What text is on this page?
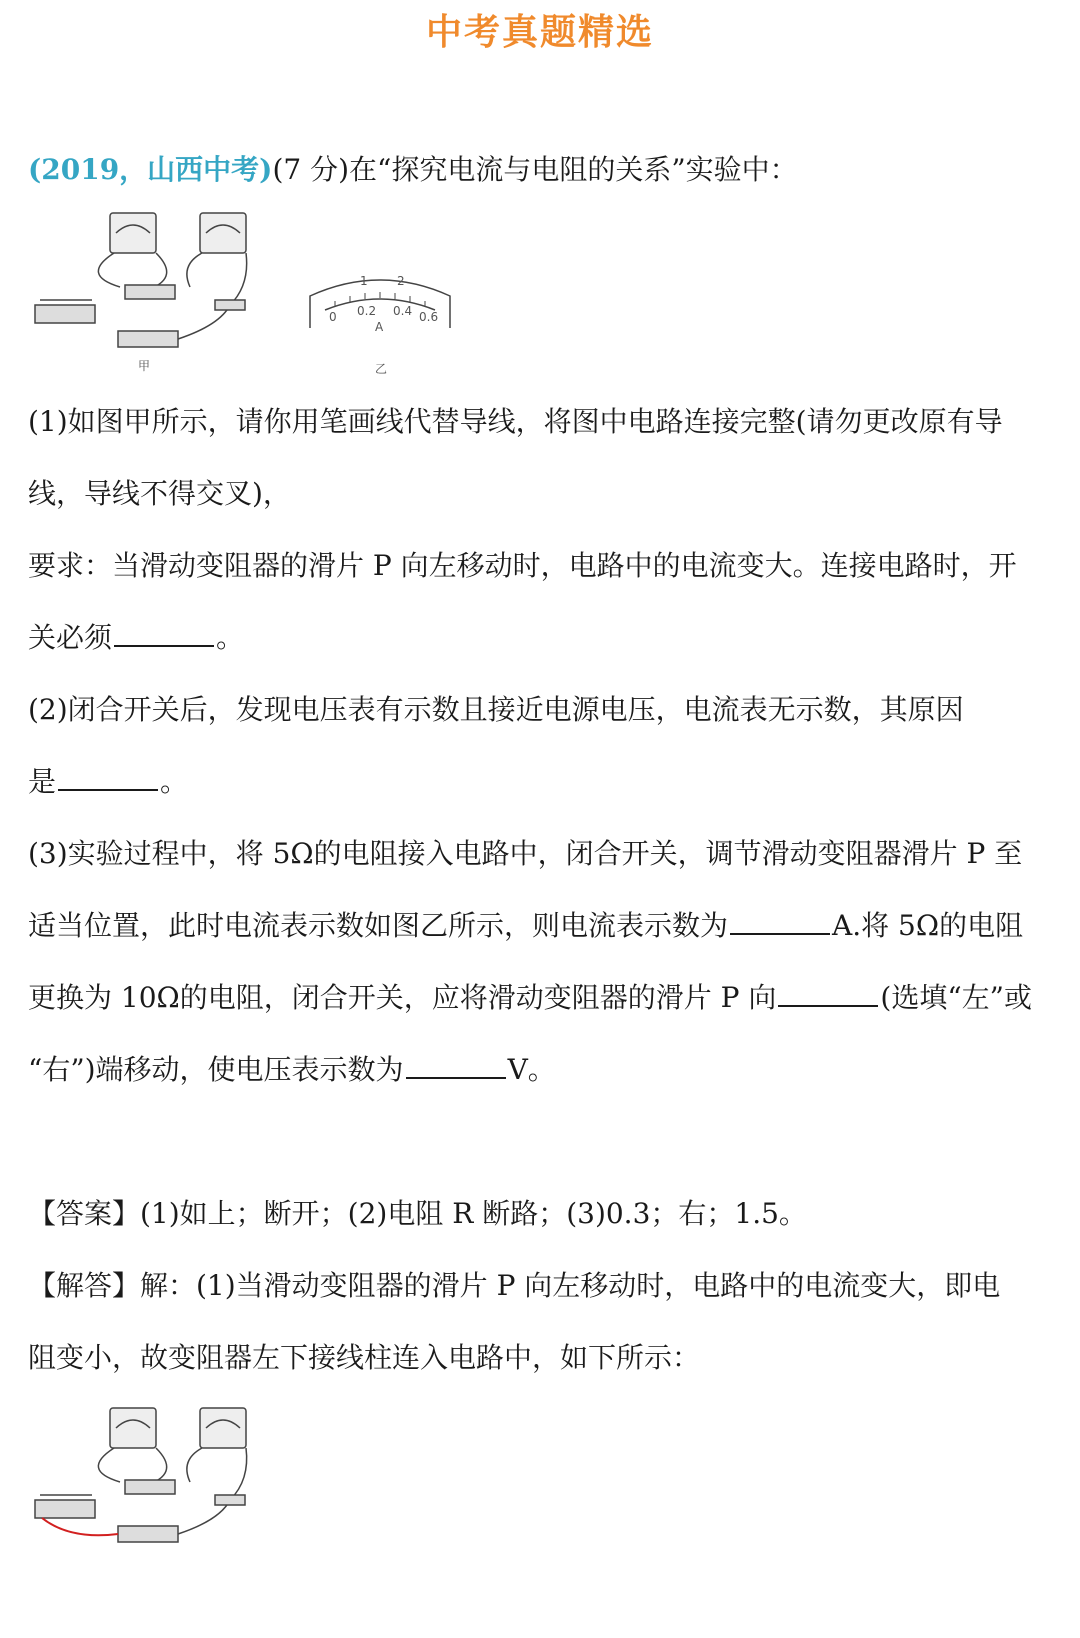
中考真题精选
(2019，山西中考)(7 分)在“探究电流与电阻的关系”实验中：
甲
1 2
0 0.2 0.4 0.6
A
乙
(1)如图甲所示，请你用笔画线代替导线，将图中电路连接完整(请勿更改原有导
线，导线不得交叉)，
要求：当滑动变阻器的滑片 P 向左移动时，电路中的电流变大。连接电路时，开
关必须	。
(2)闭合开关后，发现电压表有示数且接近电源电压，电流表无示数，其原因
是	。
(3)实验过程中，将 5Ω的电阻接入电路中，闭合开关，调节滑动变阻器滑片 P 至
适当位置，此时电流表示数如图乙所示，则电流表示数为	A.将 5Ω的电阻
更换为 10Ω的电阻，闭合开关，应将滑动变阻器的滑片 P 向	(选填“左”或
“右”)端移动，使电压表示数为	V。
【答案】(1)如上；断开；(2)电阻 R 断路；(3)0.3；右；1.5。
【解答】解：(1)当滑动变阻器的滑片 P 向左移动时，电路中的电流变大，即电
阻变小，故变阻器左下接线柱连入电路中，如下所示：
